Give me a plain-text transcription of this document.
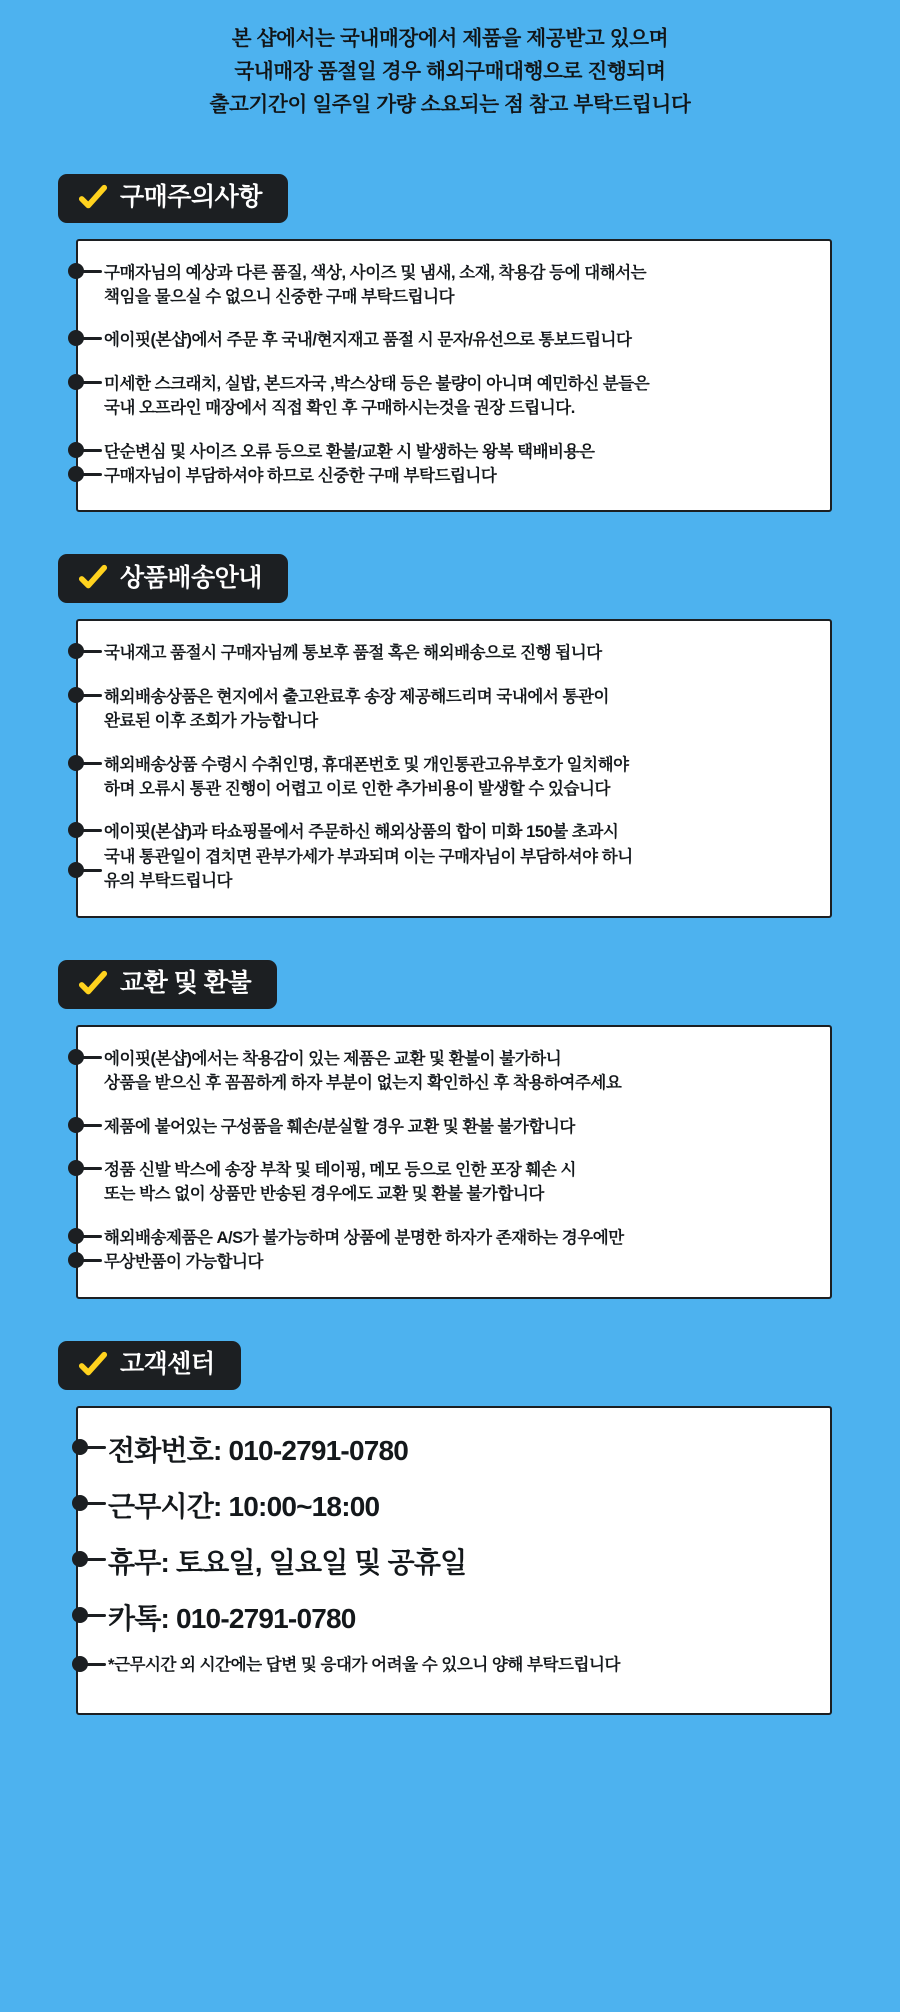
본 샵에서는 국내매장에서 제품을 제공받고 있으며
국내매장 품절일 경우 해외구매대행으로 진행되며
출고기간이 일주일 가량 소요되는 점 참고 부탁드립니다
구매주의사항
구매자님의 예상과 다른 품질, 색상, 사이즈 및 냄새, 소재, 착용감 등에 대해서는
책임을 물으실 수 없으니 신중한 구매 부탁드립니다
에이핏(본샵)에서 주문 후 국내/현지재고 품절 시 문자/유선으로 통보드립니다
미세한 스크래치, 실밥, 본드자국 ,박스상태 등은 불량이 아니며 예민하신 분들은
국내 오프라인 매장에서 직접 확인 후 구매하시는것을 권장 드립니다.
단순변심 및 사이즈 오류 등으로 환불/교환 시 발생하는 왕복 택배비용은
구매자님이 부담하셔야 하므로 신중한 구매 부탁드립니다
상품배송안내
국내재고 품절시 구매자님께 통보후 품절 혹은 해외배송으로 진행 됩니다
해외배송상품은 현지에서 출고완료후 송장 제공해드리며 국내에서 통관이
완료된 이후 조회가 가능합니다
해외배송상품 수령시 수취인명, 휴대폰번호 및 개인통관고유부호가 일치해야
하며 오류시 통관 진행이 어렵고 이로 인한 추가비용이 발생할 수 있습니다
에이핏(본샵)과 타쇼핑몰에서 주문하신 해외상품의 합이 미화 150불 초과시
국내 통관일이 겹치면 관부가세가 부과되며 이는 구매자님이 부담하셔야 하니
유의 부탁드립니다
교환 및 환불
에이핏(본샵)에서는 착용감이 있는 제품은 교환 및 환불이 불가하니
상품을 받으신 후 꼼꼼하게 하자 부분이 없는지 확인하신 후 착용하여주세요
제품에 붙어있는 구성품을 훼손/분실할 경우 교환 및 환불 불가합니다
정품 신발 박스에 송장 부착 및 테이핑, 메모 등으로 인한 포장 훼손 시
또는 박스 없이 상품만 반송된 경우에도 교환 및 환불 불가합니다
해외배송제품은 A/S가 불가능하며 상품에 분명한 하자가 존재하는 경우에만
무상반품이 가능합니다
고객센터
전화번호: 010-2791-0780
근무시간: 10:00~18:00
휴무: 토요일, 일요일 및 공휴일
카톡: 010-2791-0780
*근무시간 외 시간에는 답변 및 응대가 어려울 수 있으니 양해 부탁드립니다
